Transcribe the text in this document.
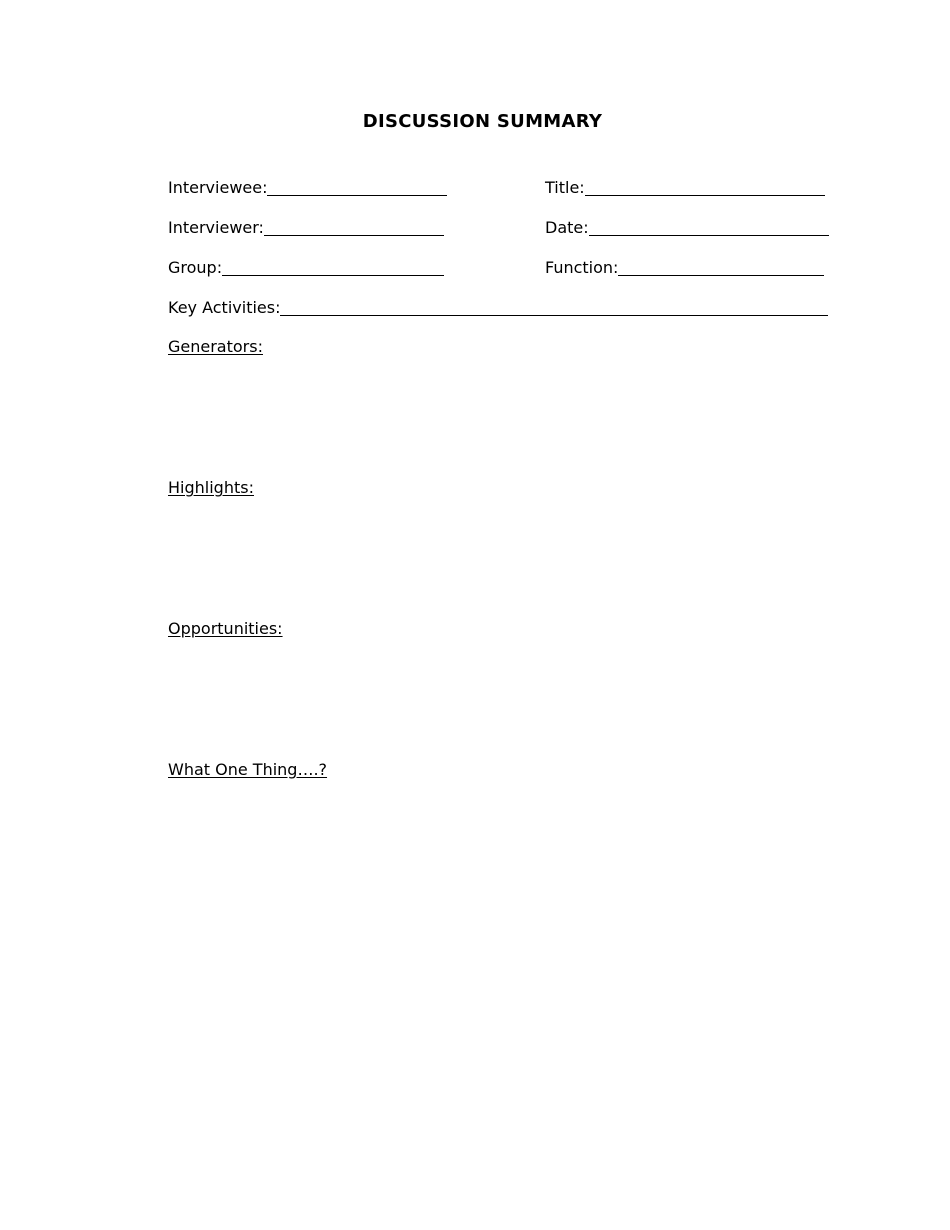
DISCUSSION SUMMARY
Interviewee:	Title:
Interviewer:	Date:
Group:	Function:
Key Activities:
Generators:
Highlights:
Opportunities:
What One Thing….?
